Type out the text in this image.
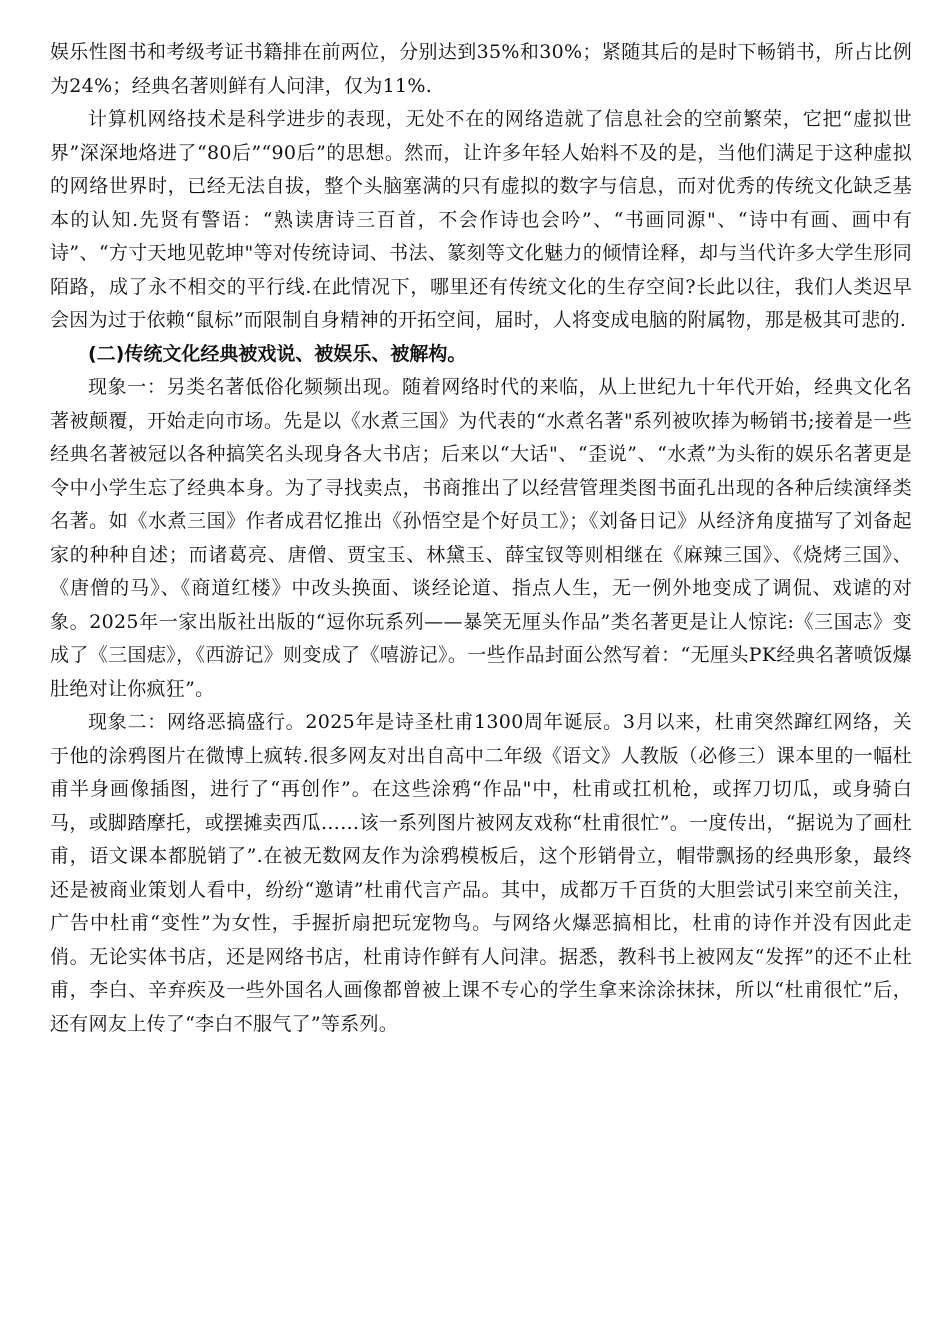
娱乐性图书和考级考证书籍排在前两位，分别达到35%和30%；紧随其后的是时下畅销书，所占比例为24%；经典名著则鲜有人问津，仅为11%.

计算机网络技术是科学进步的表现，无处不在的网络造就了信息社会的空前繁荣，它把“虚拟世界”深深地烙进了“80后”“90后”的思想。然而，让许多年轻人始料不及的是，当他们满足于这种虚拟的网络世界时，已经无法自拔，整个头脑塞满的只有虚拟的数字与信息，而对优秀的传统文化缺乏基本的认知.先贤有警语：“熟读唐诗三百首，不会作诗也会吟”、“书画同源"、“诗中有画、画中有诗”、“方寸天地见乾坤"等对传统诗词、书法、篆刻等文化魅力的倾情诠释，却与当代许多大学生形同陌路，成了永不相交的平行线.在此情况下，哪里还有传统文化的生存空间?长此以往，我们人类迟早会因为过于依赖“鼠标”而限制自身精神的开拓空间，届时，人将变成电脑的附属物，那是极其可悲的.

(二)传统文化经典被戏说、被娱乐、被解构。

现象一：另类名著低俗化频频出现。随着网络时代的来临，从上世纪九十年代开始，经典文化名著被颠覆，开始走向市场。先是以《水煮三国》为代表的“水煮名著"系列被吹捧为畅销书;接着是一些经典名著被冠以各种搞笑名头现身各大书店；后来以“大话"、“歪说”、“水煮”为头衔的娱乐名著更是令中小学生忘了经典本身。为了寻找卖点，书商推出了以经营管理类图书面孔出现的各种后续演绎类名著。如《水煮三国》作者成君忆推出《孙悟空是个好员工》；《刘备日记》从经济角度描写了刘备起家的种种自述；而诸葛亮、唐僧、贾宝玉、林黛玉、薛宝钗等则相继在《麻辣三国》、《烧烤三国》、《唐僧的马》、《商道红楼》中改头换面、谈经论道、指点人生，无一例外地变成了调侃、戏谑的对象。2025年一家出版社出版的“逗你玩系列——暴笑无厘头作品”类名著更是让人惊诧:《三国志》变成了《三国痣》，《西游记》则变成了《嘻游记》。一些作品封面公然写着：“无厘头PK经典名著喷饭爆肚绝对让你疯狂”。

现象二：网络恶搞盛行。2025年是诗圣杜甫1300周年诞辰。3月以来，杜甫突然蹿红网络，关于他的涂鸦图片在微博上疯转.很多网友对出自高中二年级《语文》人教版（必修三）课本里的一幅杜甫半身画像插图，进行了“再创作”。在这些涂鸦“作品"中，杜甫或扛机枪，或挥刀切瓜，或身骑白马，或脚踏摩托，或摆摊卖西瓜……该一系列图片被网友戏称“杜甫很忙”。一度传出，“据说为了画杜甫，语文课本都脱销了”.在被无数网友作为涂鸦模板后，这个形销骨立，帽带飘扬的经典形象，最终还是被商业策划人看中，纷纷“邀请”杜甫代言产品。其中，成都万千百货的大胆尝试引来空前关注，广告中杜甫“变性”为女性，手握折扇把玩宠物鸟。与网络火爆恶搞相比，杜甫的诗作并没有因此走俏。无论实体书店，还是网络书店，杜甫诗作鲜有人问津。据悉，教科书上被网友“发挥”的还不止杜甫，李白、辛弃疾及一些外国名人画像都曾被上课不专心的学生拿来涂涂抹抹，所以“杜甫很忙”后，还有网友上传了“李白不服气了”等系列。
